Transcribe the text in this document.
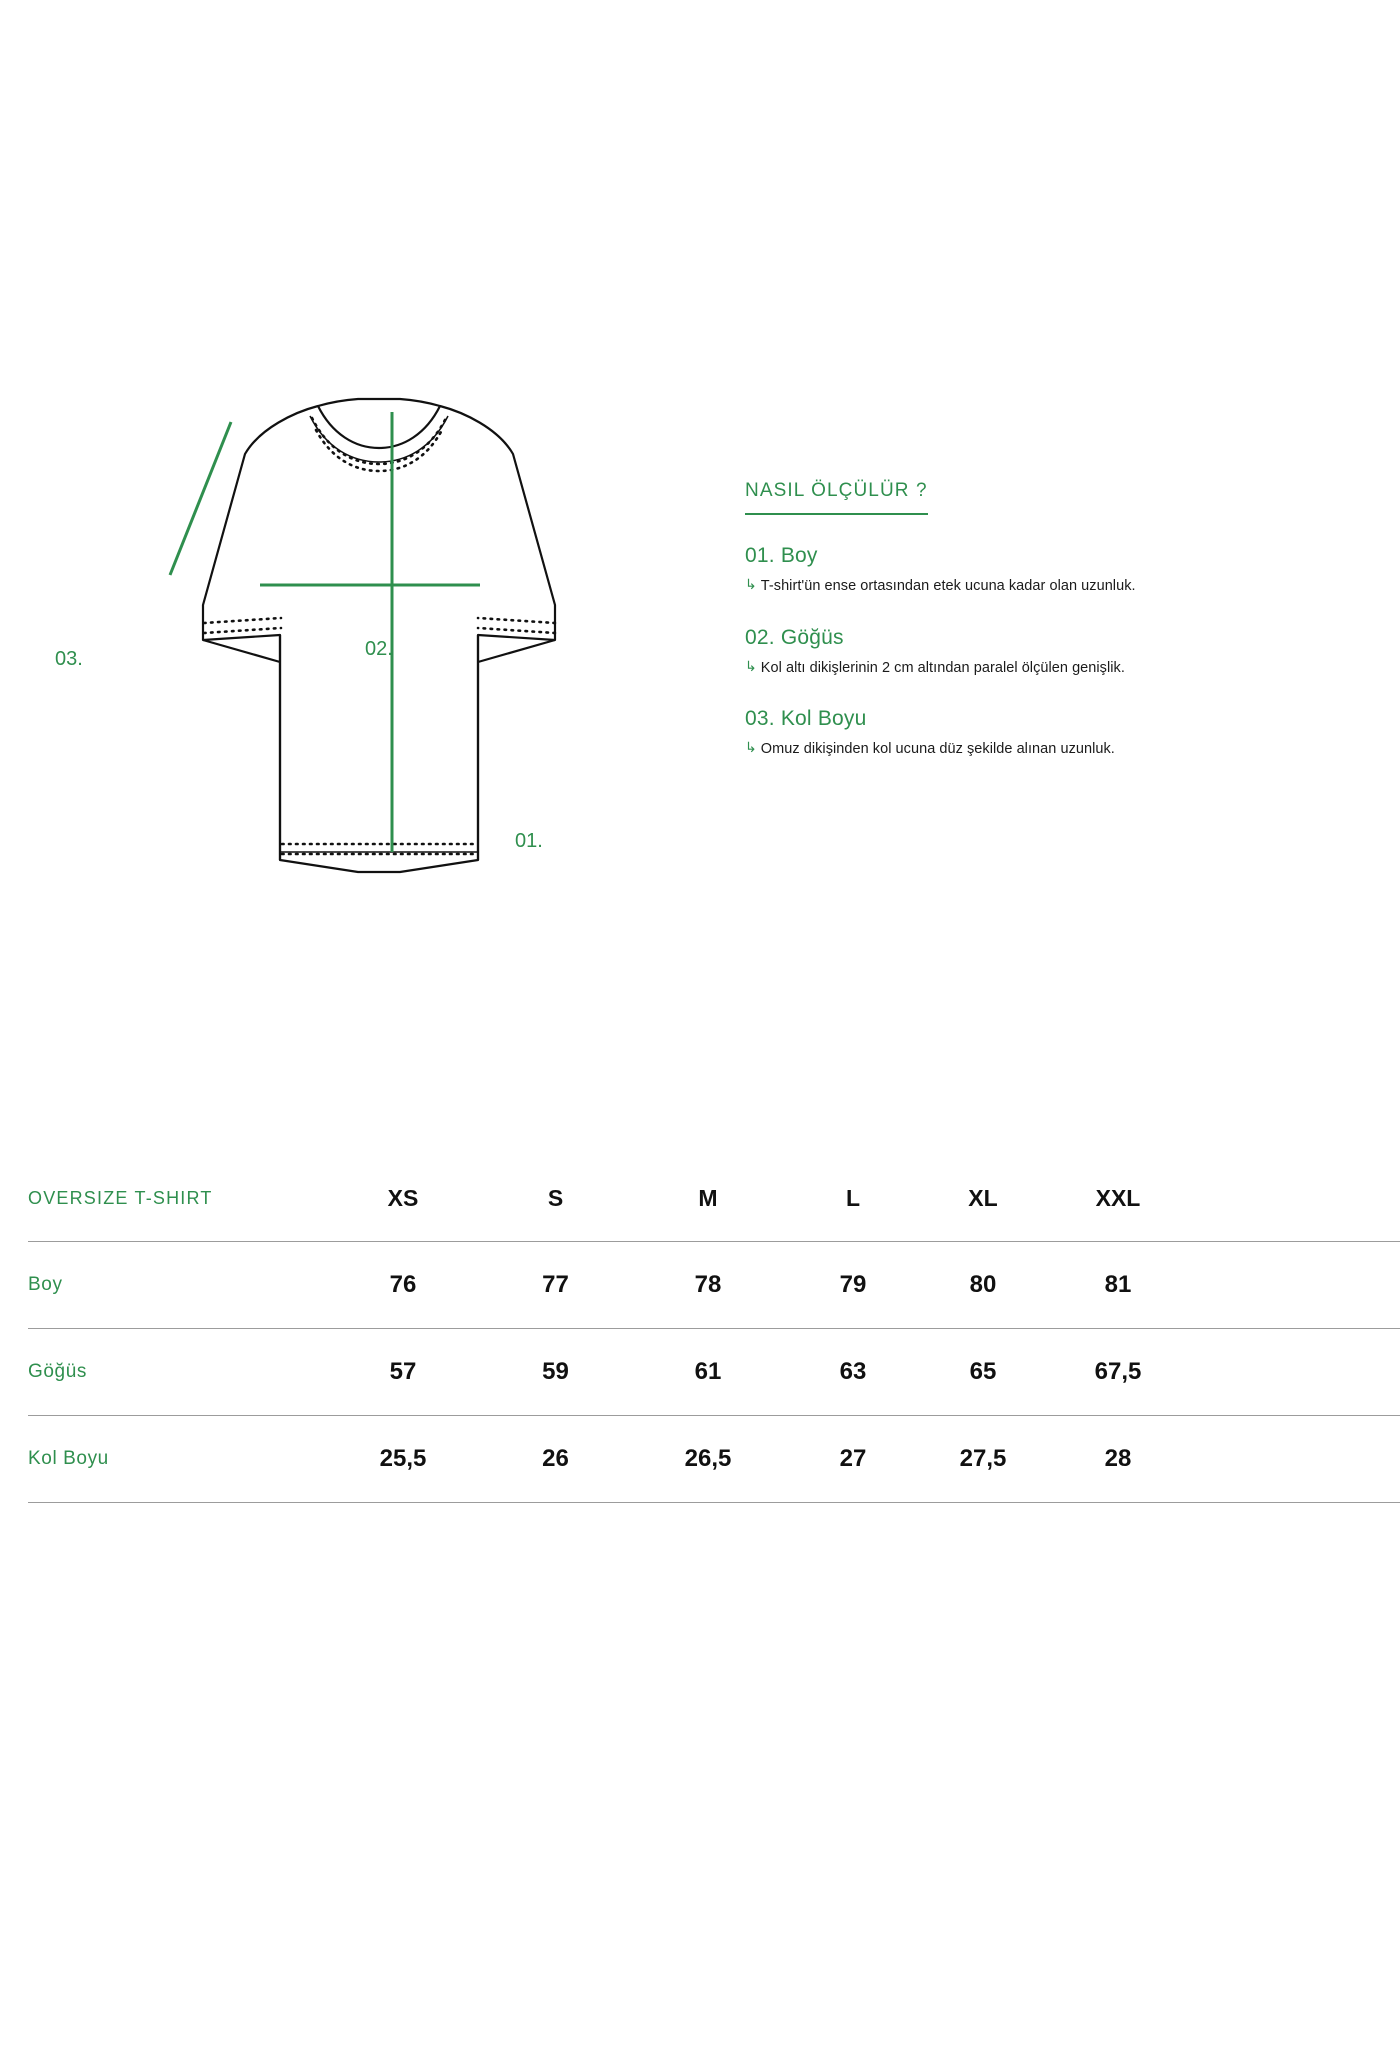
02.
01.
03.
NASIL ÖLÇÜLÜR ?

01. Boy

↳ T-shirt'ün ense ortasından etek ucuna kadar olan uzunluk.

02. Göğüs

↳ Kol altı dikişlerinin 2 cm altından paralel ölçülen genişlik.

03. Kol Boyu

↳ Omuz dikişinden kol ucuna düz şekilde alınan uzunluk.

OVERSIZE T-SHIRT	XS	S	M	L	XL	XXL	
Boy	76	77	78	79	80	81	
Göğüs	57	59	61	63	65	67,5	
Kol Boyu	25,5	26	26,5	27	27,5	28	
